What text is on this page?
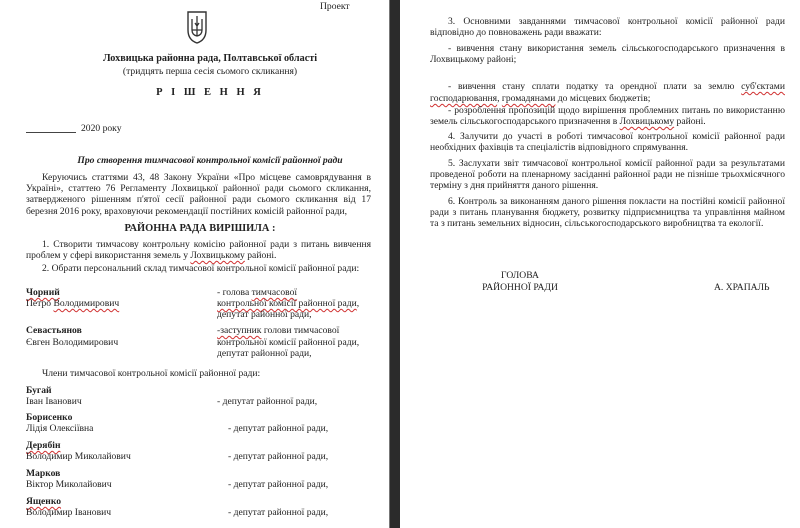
Проект
Лохвицька районна рада, Полтавської області
(тридцять перша сесія сьомого скликання)
Р І Ш Е Н Н Я
2020 року
Про створення тимчасової контрольної комісії районної ради
Керуючись статтями 43, 48 Закону України «Про місцеве самоврядування в Україні», статтею 76 Регламенту Лохвицької районної ради сьомого скликання, затвердженого рішенням п'ятої сесії районної ради сьомого скликання від 17 березня 2016 року, враховуючи рекомендації постійних комісій районної ради,
РАЙОННА РАДА ВИРІШИЛА :
1. Створити тимчасову контрольну комісію районної ради з питань вивчення проблем у сфері використання земель у Лохвицькому районі.
2. Обрати персональний склад тимчасової контрольної комісії районної ради:
Чорний
Петро Володимирович
- голова тимчасової
контрольної комісії районної ради,
депутат районної ради,
Севастьянов
Євген Володимирович
-заступник голови тимчасової
контрольної комісії районної ради,
депутат районної ради,
Члени тимчасової контрольної комісії районної ради:
Бугай
Іван Іванович	- депутат районної ради,
Борисенко
Лідія Олексіївна	- депутат районної ради,
Дерябін
Володимир Миколайович	- депутат районної ради,
Марков
Віктор Миколайович	- депутат районної ради,
Ященко
Володимир Іванович	- депутат районної ради,
3. Основними завданнями тимчасової контрольної комісії районної ради відповідно до повноважень ради вважати:
- вивчення стану використання земель сільськогосподарського призначення в Лохвицькому районі;
- вивчення стану сплати податку та орендної плати за землю суб'єктами господарювання, громадянами до місцевих бюджетів;
- розроблення пропозицій щодо вирішення проблемних питань по використанню земель сільськогосподарського призначення в Лохвицькому районі.
4. Залучити до участі в роботі тимчасової контрольної комісії районної ради необхідних фахівців та спеціалістів відповідного спрямування.
5. Заслухати звіт тимчасової контрольної комісії районної ради за результатами проведеної роботи на пленарному засіданні районної ради не пізніше трьохмісячного терміну з дня прийняття даного рішення.
6. Контроль за виконанням даного рішення покласти на постійні комісії районної ради з питань планування бюджету, розвитку підприємництва та управління майном та з питань земельних відносин, сільськогосподарського виробництва та екології.
ГОЛОВА
РАЙОННОЇ РАДИ	А. ХРАПАЛЬ
